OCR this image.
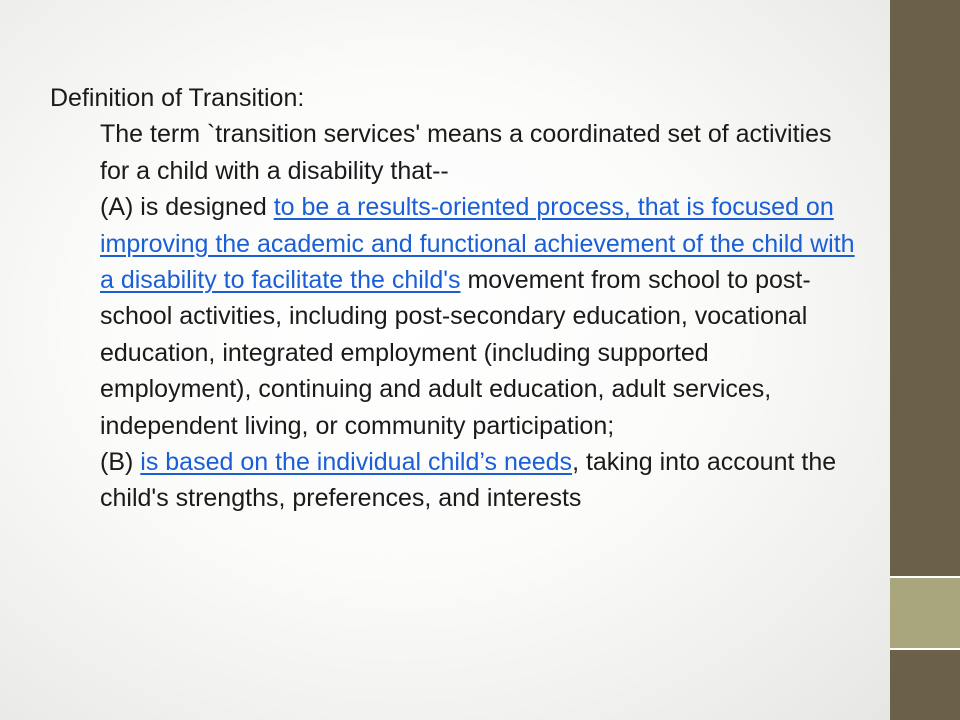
Definition of Transition:

The term `transition services' means a coordinated set of activities for a child with a disability that--

(A) is designed to be a results-oriented process, that is focused on improving the academic and functional achievement of the child with a disability to facilitate the child's movement from school to post-school activities, including post-secondary education, vocational education, integrated employment (including supported employment), continuing and adult education, adult services, independent living, or community participation;

(B) is based on the individual child’s needs, taking into account the child's strengths, preferences, and interests
